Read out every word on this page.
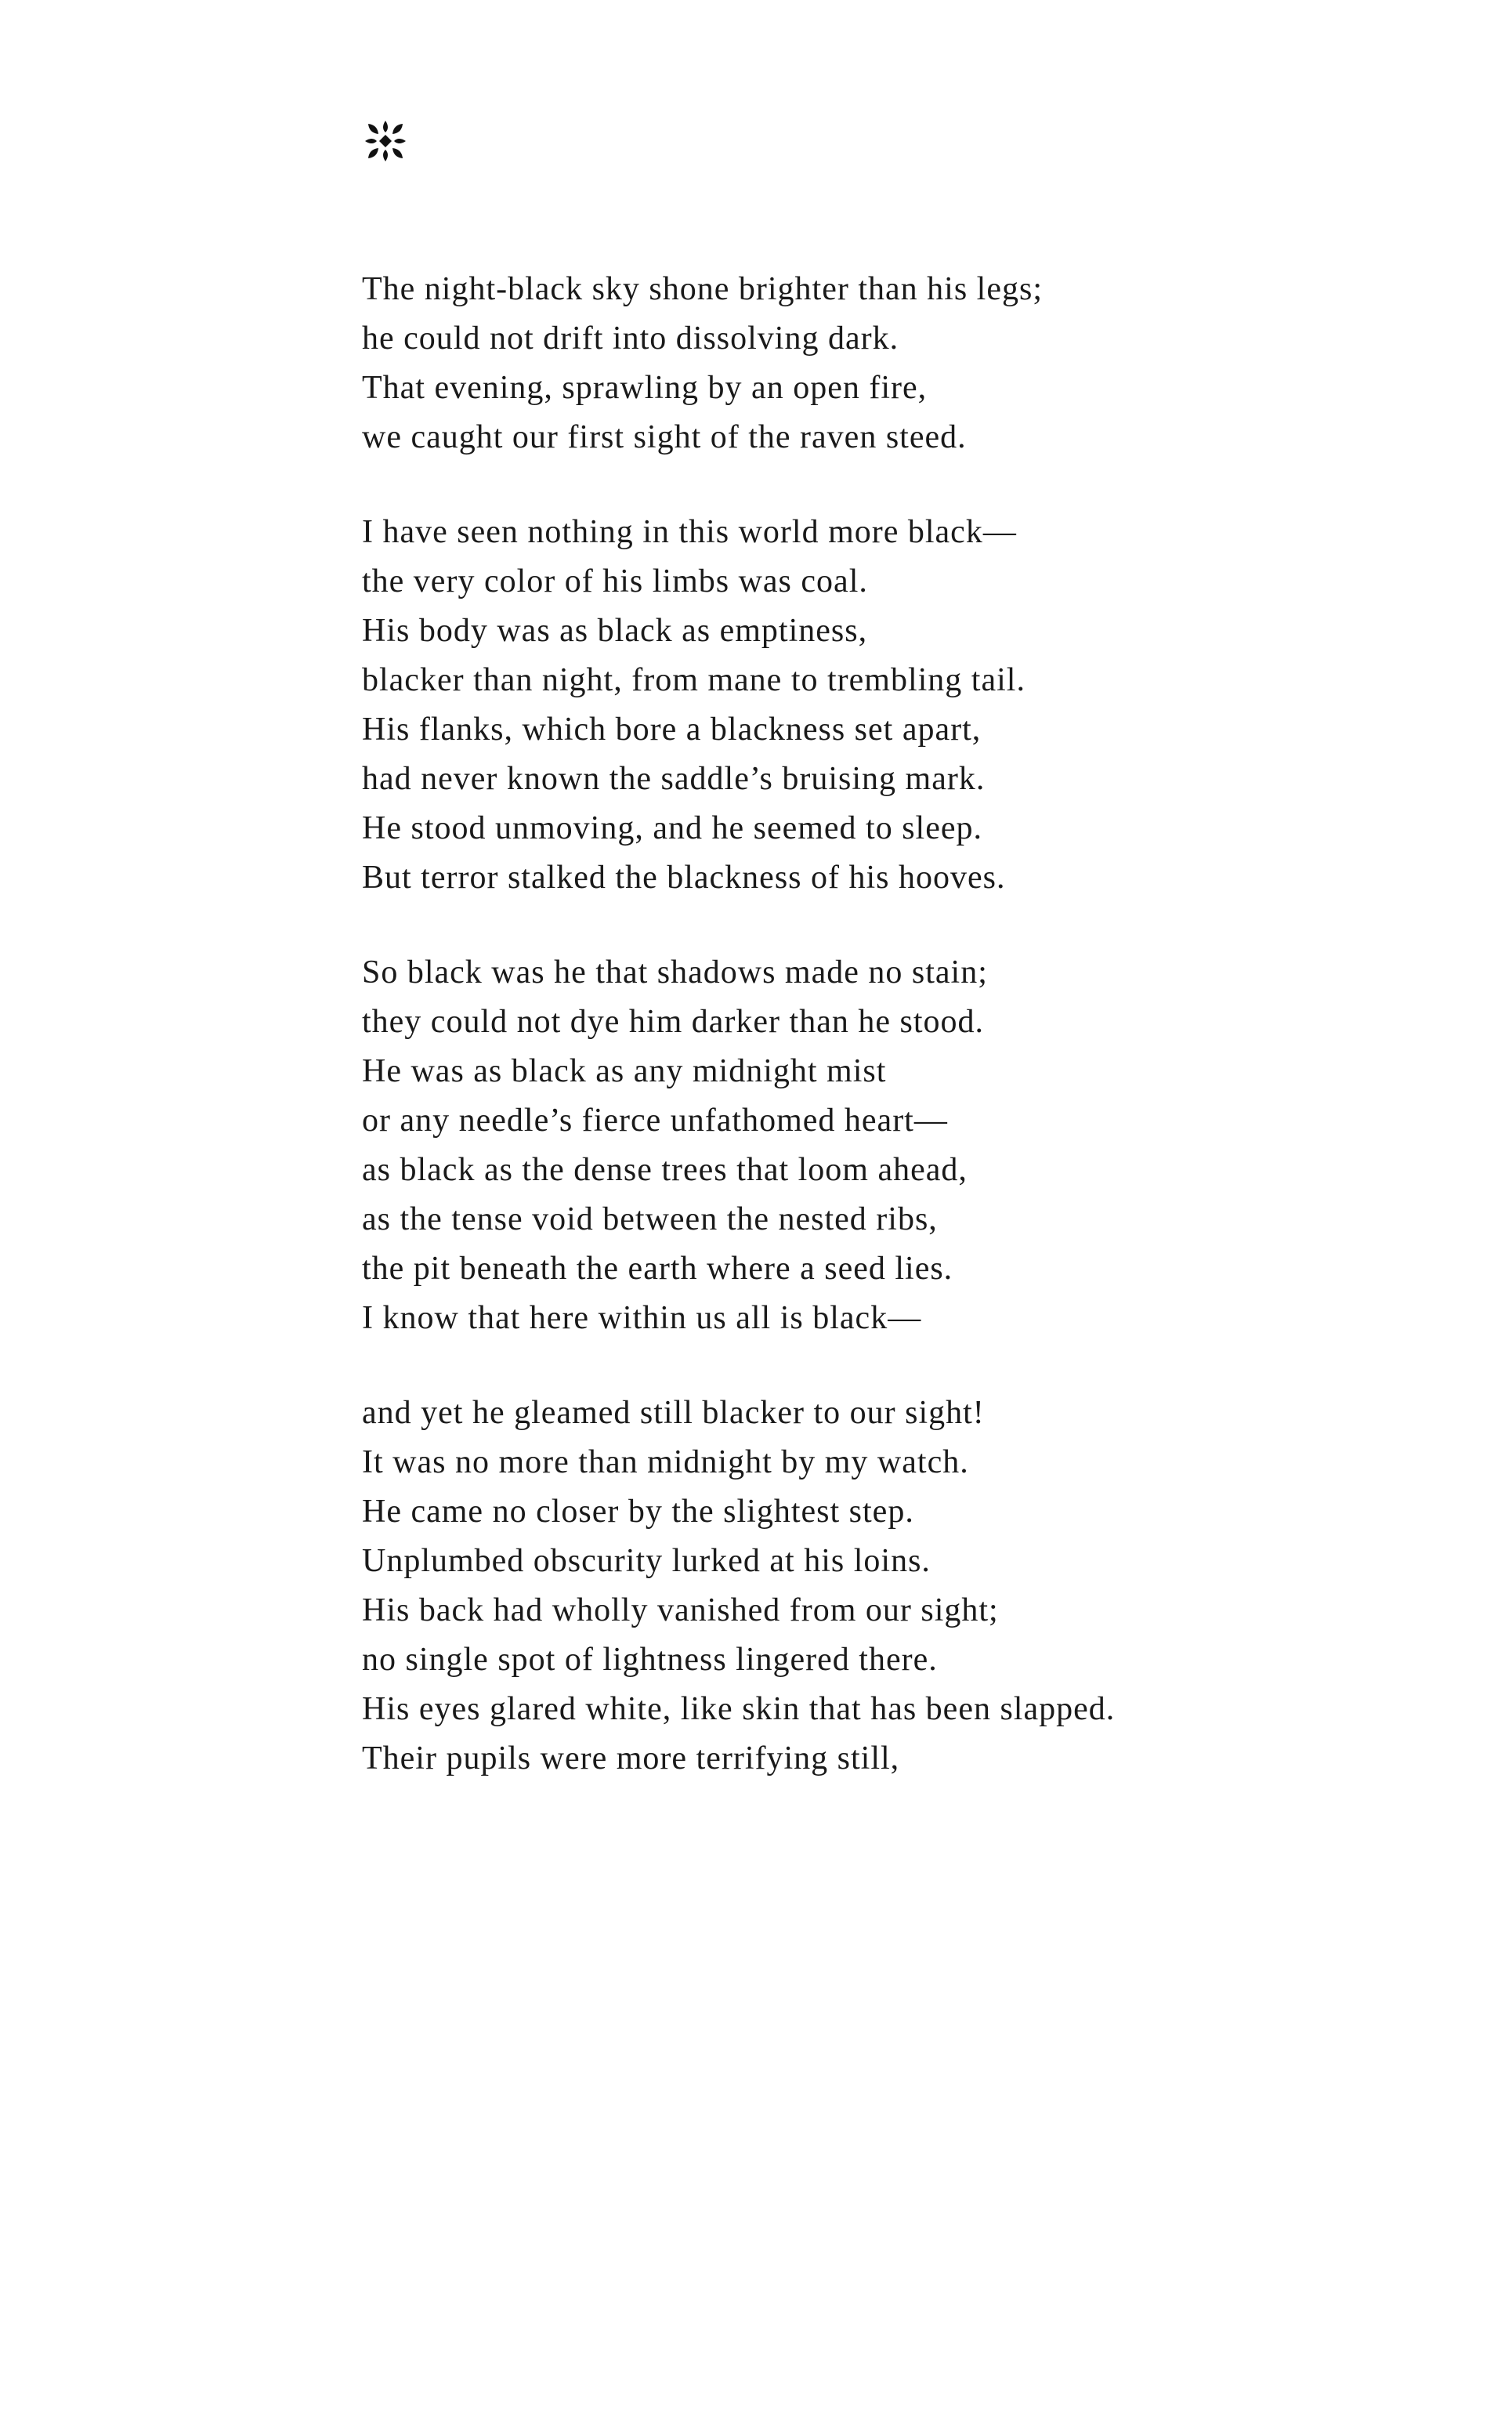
The night-black sky shone brighter than his legs;
he could not drift into dissolving dark.
That evening, sprawling by an open fire,
we caught our first sight of the raven steed.
I have seen nothing in this world more black—
the very color of his limbs was coal.
His body was as black as emptiness,
blacker than night, from mane to trembling tail.
His flanks, which bore a blackness set apart,
had never known the saddle’s bruising mark.
He stood unmoving, and he seemed to sleep.
But terror stalked the blackness of his hooves.
So black was he that shadows made no stain;
they could not dye him darker than he stood.
He was as black as any midnight mist
or any needle’s fierce unfathomed heart—
as black as the dense trees that loom ahead,
as the tense void between the nested ribs,
the pit beneath the earth where a seed lies.
I know that here within us all is black—
and yet he gleamed still blacker to our sight!
It was no more than midnight by my watch.
He came no closer by the slightest step.
Unplumbed obscurity lurked at his loins.
His back had wholly vanished from our sight;
no single spot of lightness lingered there.
His eyes glared white, like skin that has been slapped.
Their pupils were more terrifying still,
